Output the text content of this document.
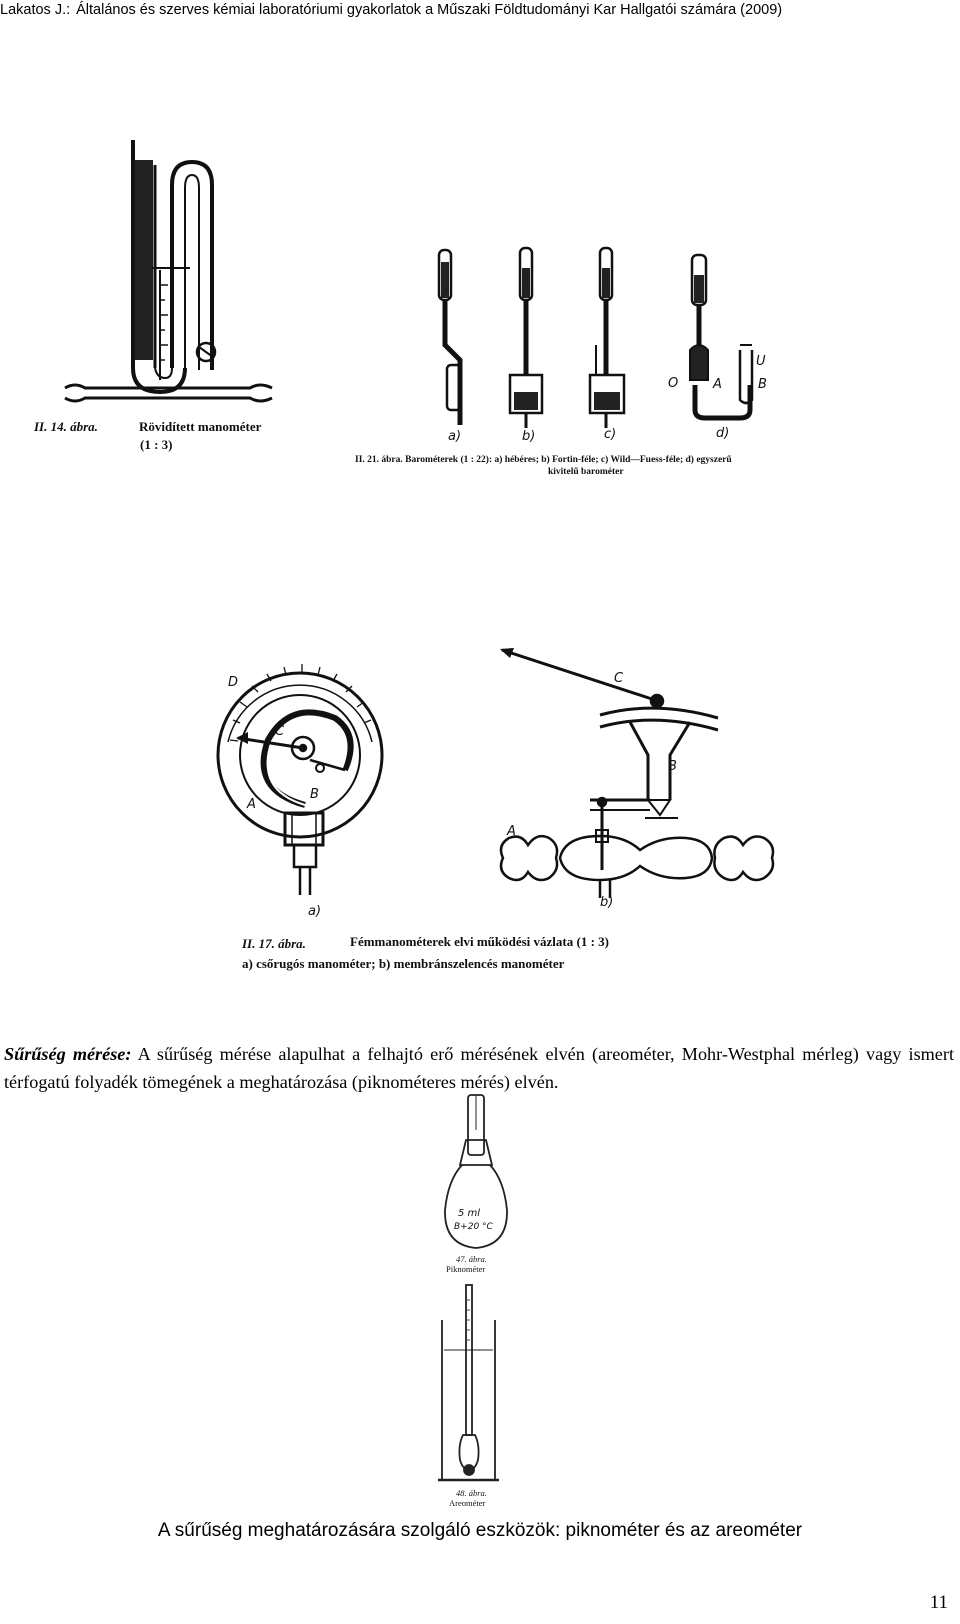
Lakatos J.: Általános és szerves kémiai laboratóriumi gyakorlatok a Műszaki Földtudományi Kar Hallgatói számára (2009)
II. 14. ábra.	Rövidített manométer
(1 : 3)
a)	b)	c)	d)
O	A	B
U
II. 21. ábra. Barométerek (1 : 22): a) hébéres; b) Fortin-féle; c) Wild—Fuess-féle; d) egyszerű
kivitelű barométer
D
C
A
B
a)
C
B
A
b)
II. 17. ábra.	Fémmanométerek elvi működési vázlata (1 : 3)
a) csőrugós manométer; b) membránszelencés manométer
5 ml
B+20 °C
47. ábra.
Piknométer
48. ábra.
Areométer
Sűrűség mérése: A sűrűség mérése alapulhat a felhajtó erő mérésének elvén (areométer, Mohr-Westphal mérleg) vagy ismert térfogatú folyadék tömegének a meghatározása (piknométeres mérés) elvén.
A sűrűség meghatározására szolgáló eszközök: piknométer és az areométer
11
